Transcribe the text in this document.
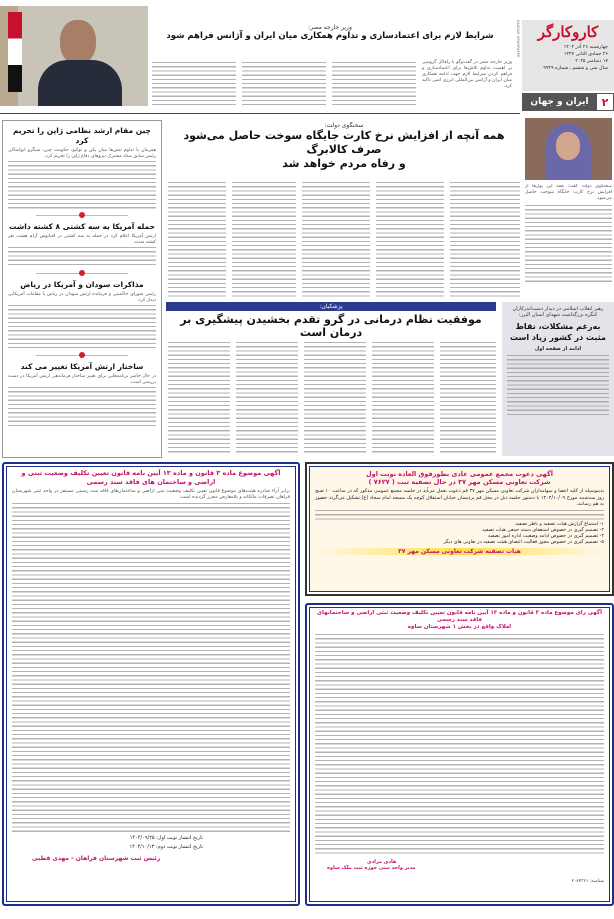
کاروکارگر
چهارشنبه ۲۶ آذر ۱۴۰۴
۲۶ جمادی الثانی ۱۴۴۷
۱۷ دسامبر ۲۰۲۵
سال سی و ششم ـ شماره ۹۹۲۹
KARGAR NEWSPAPER
۲
ایران و جهان
وزیر خارجه مصر:
شرایط لازم برای اعتمادسازی و تداوم همکاری میان ایران و آژانس فراهم شود
وزیر خارجه مصر در گفت‌وگو با رافائل گروسی بر اهمیت تداوم تلاش‌ها برای اعتمادسازی و فراهم کردن شرایط لازم جهت ادامه همکاری میان ایران و آژانس بین‌المللی انرژی اتمی تاکید کرد.
چین مقام ارشد نظامی ژاپن را تحریم کرد
همزمان با تداوم تنش‌ها میان پکن و توکیو، حکومت چین، شیگرو ایواساکی رئیس سابق ستاد مشترک نیروهای دفاع ژاپن را تحریم کرد.
حمله آمریکا به سه کشتی ۸ کشته داشت
ارتش آمریکا اعلام کرد در حمله به سه کشتی در اقیانوس آرام هشت نفر کشته شدند.
مذاکرات سودان و آمریکا در ریاض
رئیس شورای حاکمیتی و فرمانده ارتش سودان در ریاض با مقامات آمریکایی دیدار کرد.
ساختار ارتش آمریکا تغییر می کند
در حال حاضر برنامه‌هایی برای تغییر ساختار فرماندهی ارتش آمریکا در دست بررسی است.
سخنگوی دولت گفت: همه این پول‌ها از افزایش نرخ کارت جایگاه سوخت حاصل می‌شود.
سخنگوی دولت:
همه آنچه از افزایش نرخ کارت جایگاه سوخت حاصل می‌شود صرف کالابرگ
و رفاه مردم خواهد شد
پزشکیان:
موفقیت نظام درمانی در گرو تقدم بخشیدن پیشگیری بر درمان است
رهبر انقلاب اسلامی در دیدار دست‌اندرکاران کنگره بزرگداشت شهدای استان البرز:
به‌رغم مشکلات، نقاط مثبت در کشور زیاد است
ادامه از صفحه اول
آگهی موضوع ماده ۳ قانون و ماده ۱۳ آیین نامه قانون تعیین تکلیف وضعیت ثبتی و اراضی و ساختمان های فاقد سند رسمی
برابر آراء صادره هیئت‌های موضوع قانون تعیین تکلیف وضعیت ثبتی اراضی و ساختمان‌های فاقد سند رسمی مستقر در واحد ثبتی شهرستان فراهان تصرفات مالکانه و بلامعارض محرز گردیده است.
تاریخ انتشار نوبت اول: ۱۴۰۴/۰۹/۲۵
تاریخ انتشار نوبت دوم: ۱۴۰۴/۱۰/۱۳
رئیس ثبت شهرستان فراهان - مهدی قطبی
آگهی دعوت مجمع عمومی عادی بطورفوق العاده نوبت اول
شرکت تعاونی مسکن مهر ۳۷ در حال تصفیه ثبت ( ۷۶۲۷ )
بدینوسیله از کلیه اعضا و سهامداران شرکت تعاونی مسکن مهر ۳۷ قم دعوت بعمل می‌آید در جلسه مجمع عمومی مذکور که در ساعت ۱۰ صبح روز سه‌شنبه مورخ ۱۴۰۴/۱۰/۰۹ با دستور جلسه ذیل در محل قم پردیسان خیابان استقلال کوچه یک مسجد امام سجاد (ع) تشکیل می‌گردد حضور به هم رسانند.
۱- استماع گزارش هیات تصفیه و ناظر تصفیه
۲- تصمیم گیری در خصوص استعفای دسته جمعی هیات تصفیه
۳- تصمیم گیری در خصوص ادامه وضعیت اداره امور تصفیه
۵- تصمیم گیری در خصوص مجوز فعالیت اعضای هیئت تصفیه در تعاونی های دیگر
هیات تصفیه شرکت تعاونی مسکن مهر ۳۷
آگهی رای موضوع ماده ۳ قانون و ماده ۱۳ آیین نامه قانون تعیین تکلیف وضعیت ثبتی اراضی و ساختمانهای فاقد سند رسمی
املاک واقع در بخش ۱ شهرستان ساوه
هادی مرادی
مدیر واحد ثبتی حوزه ثبت ملک ساوه
شناسه: ۲۰۸۴۳۶۱
